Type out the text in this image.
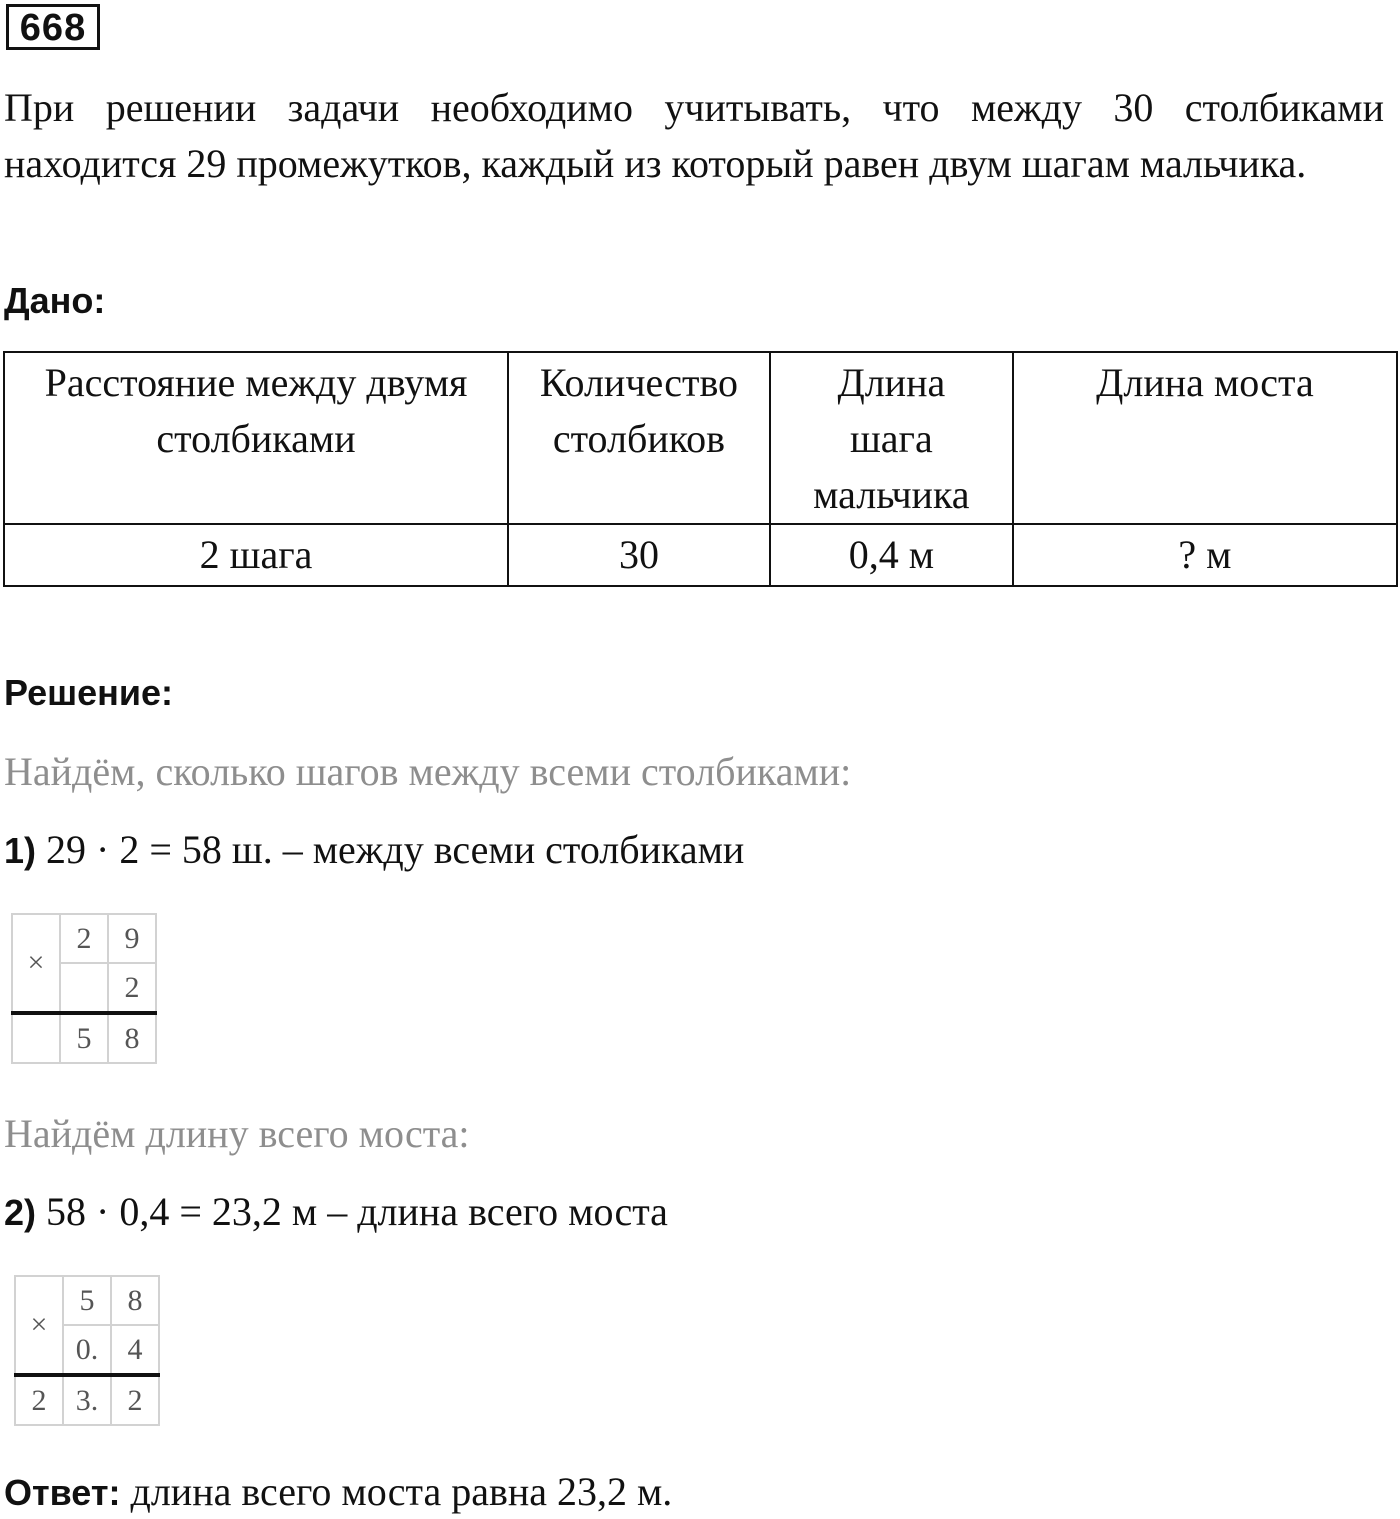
668
При решении задачи необходимо учитывать, что между 30 столбиками находится 29 промежутков, каждый из который равен двум шагам мальчика.
Дано:
Расстояние между двумя столбиками	Количество столбиков	Длина шага мальчика	Длина моста
2 шага	30	0,4 м	? м
Решение:
Найдём, сколько шагов между всеми столбиками:
1) 29 · 2 = 58 ш. – между всеми столбиками
×	2	9
		2
	5	8
Найдём длину всего моста:
2) 58 · 0,4 = 23,2 м – длина всего моста
×	5	8
	0.	4
2	3.	2
Ответ: длина всего моста равна 23,2 м.
